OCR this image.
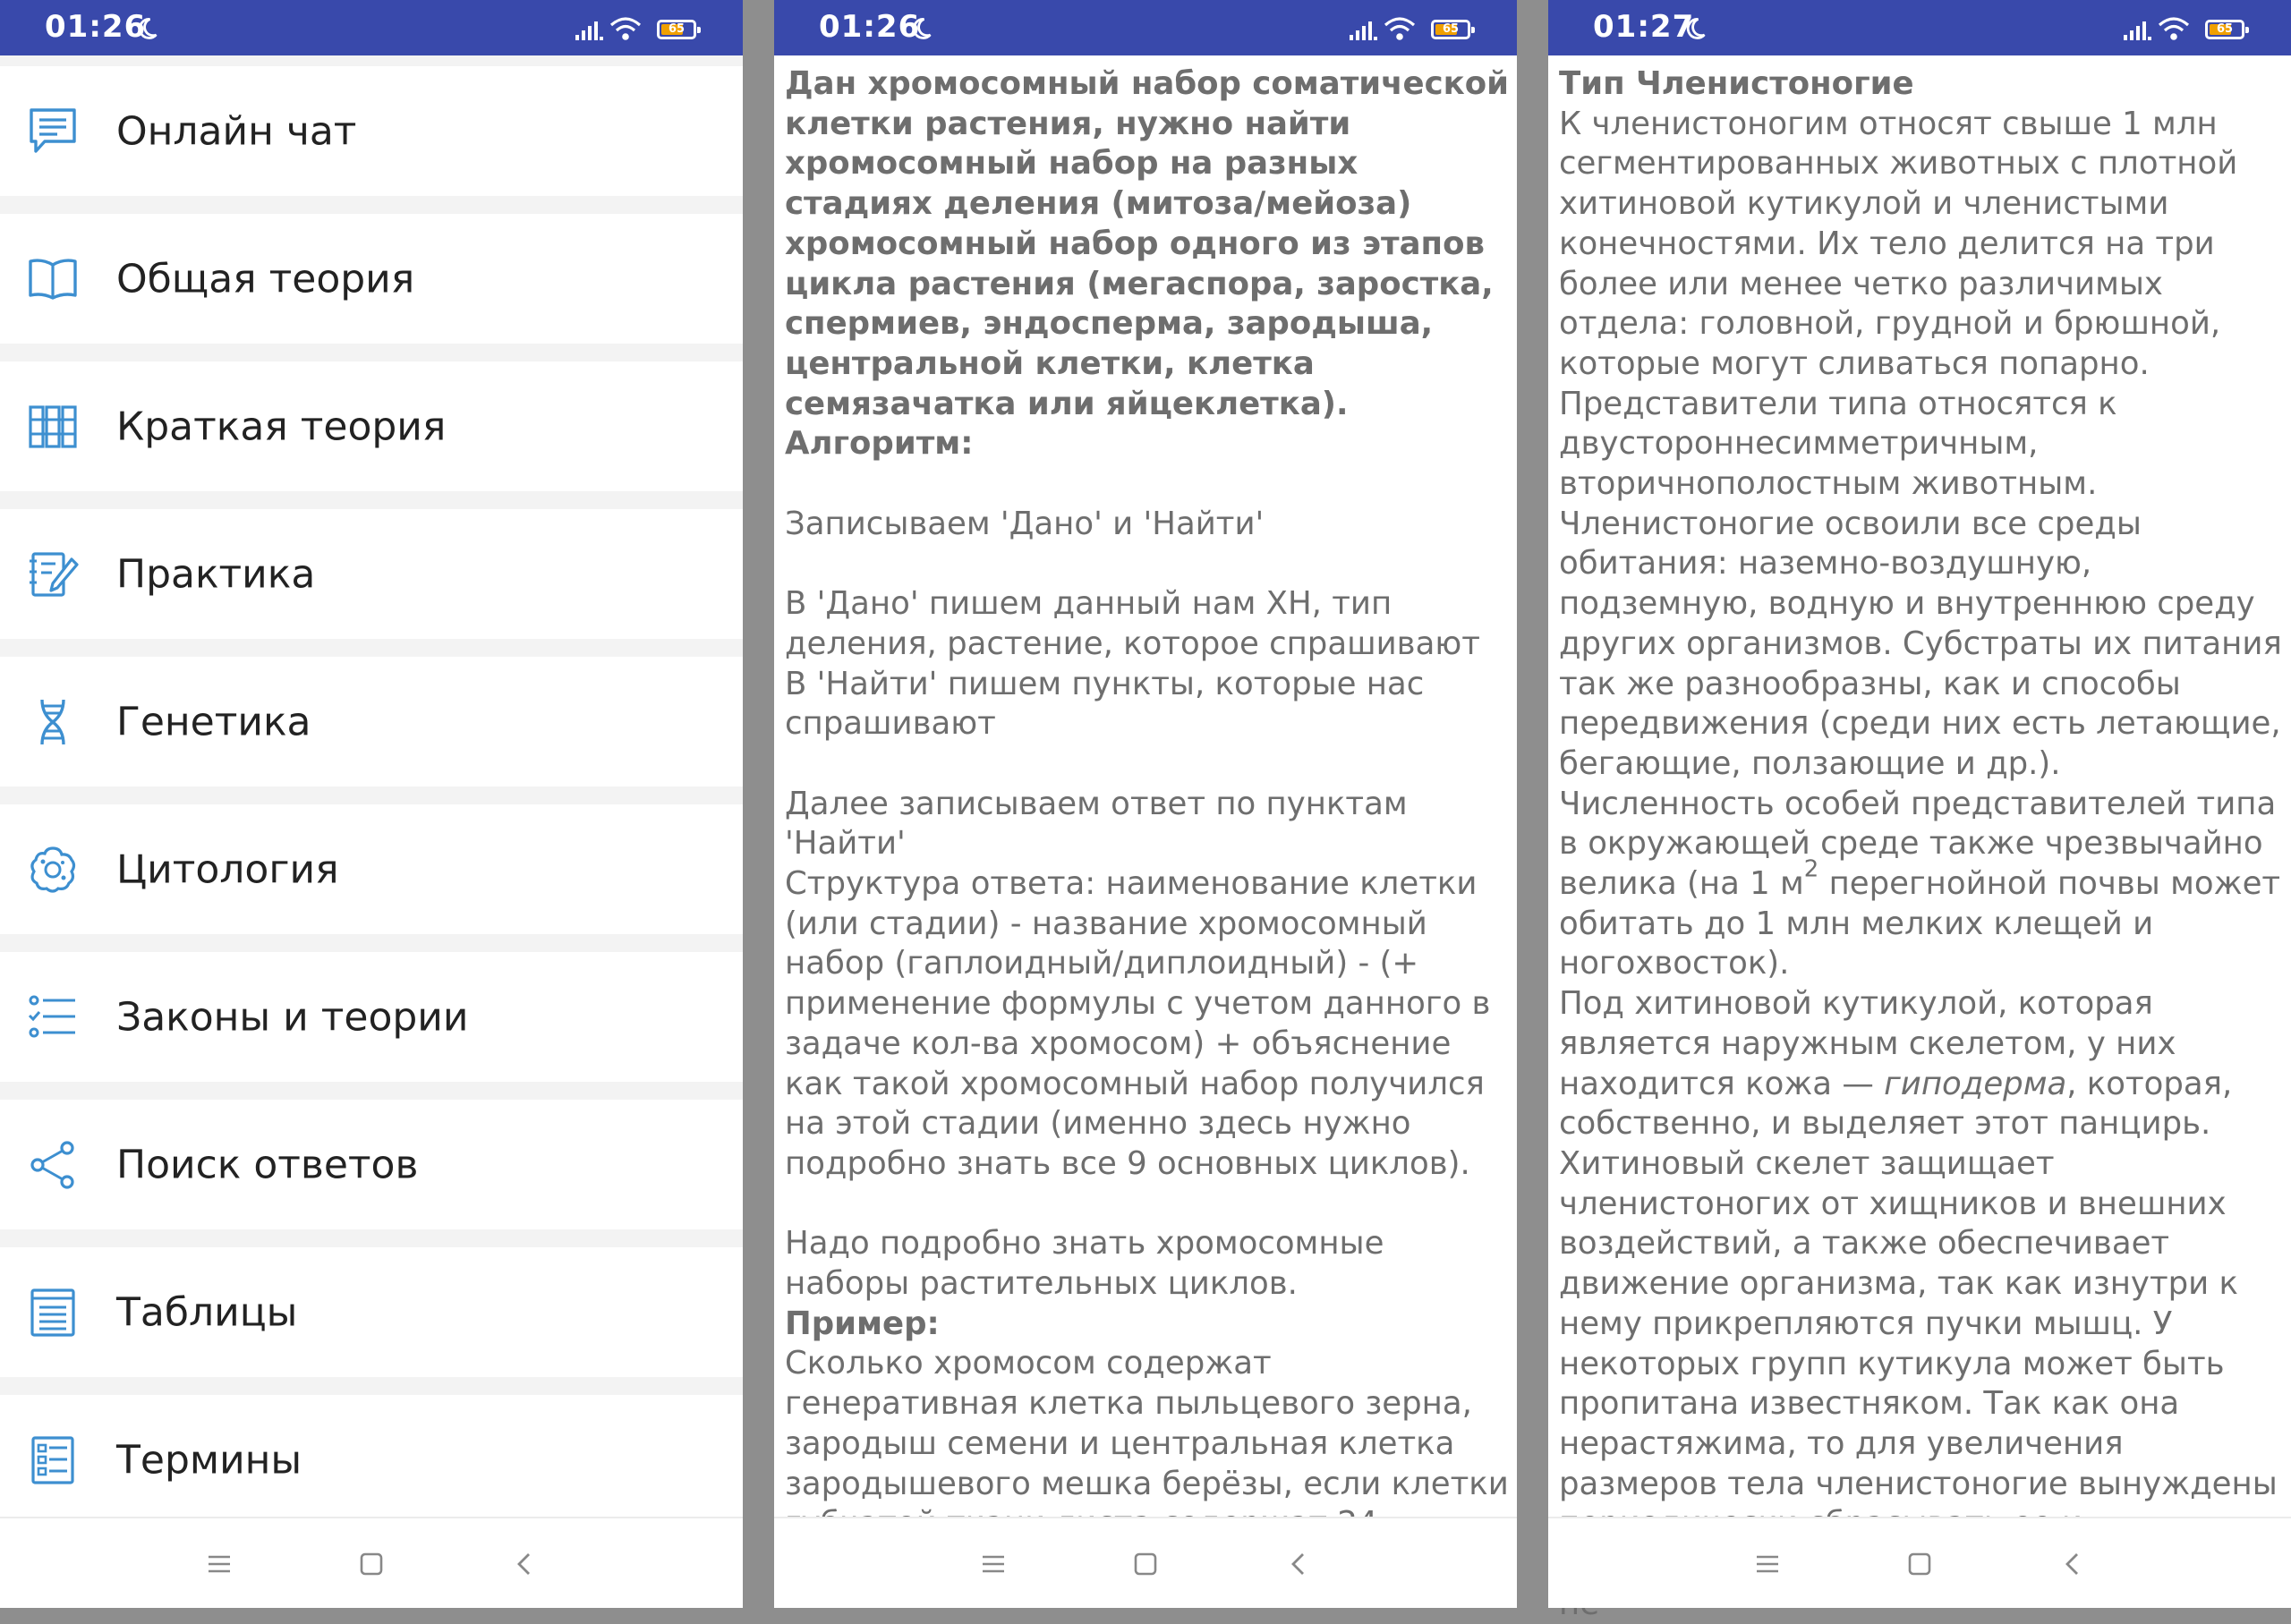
01:26	65
Онлайн чат
Общая теория
Краткая теория
Практика
Генетика
Цитология
Законы и теории
Поиск ответов
Таблицы
Термины
01:26	65

Дан хромосомный набор соматической клетки растения, нужно найти хромосомный набор на разных стадиях деления (митоза/мейоза) хромосомный набор одного из этапов цикла растения (мегаспора, заростка, спермиев, эндосперма, зародыша, центральной клетки, клетка семязачатка или яйцеклетка).

Алгоритм:

Записываем 'Дано' и 'Найти'

В 'Дано' пишем данный нам ХН, тип деления, растение, которое спрашивают

В 'Найти' пишем пункты, которые нас спрашивают

Далее записываем ответ по пунктам 'Найти'

Структура ответа: наименование клетки (или стадии) - название хромосомный набор (гаплоидный/диплоидный) - (+ применение формулы с учетом данного в задаче кол-ва хромосом) + объяснение как такой хромосомный набор получился на этой стадии (именно здесь нужно подробно знать все 9 основных циклов).

Надо подробно знать хромосомные наборы растительных циклов.

Пример:

Сколько хромосом содержат генеративная клетка пыльцевого зерна, зародыш семени и центральная клетка зародышевого мешка берёзы, если клетки

01:27	65

Тип Членистоногие

К членистоногим относят свыше 1 млн сегментированных животных с плотной хитиновой кутикулой и членистыми конечностями. Их тело делится на три более или менее четко различимых отдела: головной, грудной и брюшной, которые могут сливаться попарно. Представители типа относятся к двустороннесимметричным, вторичнополостным животным.

Членистоногие освоили все среды обитания: наземно-воздушную, подземную, водную и внутреннюю среду других организмов. Субстраты их питания так же разнообразны, как и способы передвижения (среди них есть летающие, бегающие, ползающие и др.). Численность особей представителей типа в окружающей среде также чрезвычайно велика (на 1 $м^2$ перегнойной почвы может обитать до 1 млн мелких клещей и ногохвосток).

Под хитиновой кутикулой, которая является наружным скелетом, у них находится кожа — гиподерма, которая, собственно, и выделяет этот панцирь. Хитиновый скелет защищает членистоногих от хищников и внешних воздействий, а также обеспечивает движение организма, так как изнутри к нему прикрепляются пучки мышц. У некоторых групп кутикула может быть пропитана известняком. Так как она нерастяжима, то для увеличения размеров тела членистоногие вынуждены
